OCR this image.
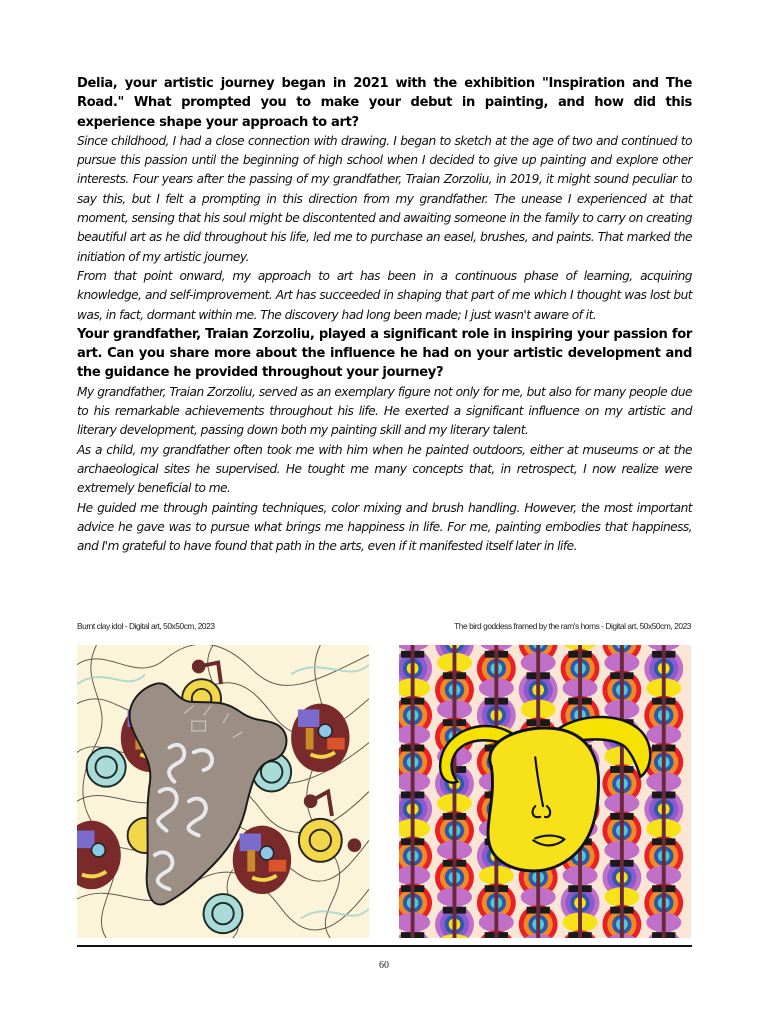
Delia, your artistic journey began in 2021 with the exhibition "Inspiration and The Road." What prompted you to make your debut in painting, and how did this experience shape your approach to art?

Since childhood, I had a close connection with drawing. I began to sketch at the age of two and continued to pursue this passion until the beginning of high school when I decided to give up painting and explore other interests. Four years after the passing of my grandfather, Traian Zorzoliu, in 2019, it might sound peculiar to say this, but I felt a prompting in this direction from my grandfather. The unease I experienced at that moment, sensing that his soul might be discontented and awaiting someone in the family to carry on creating beautiful art as he did throughout his life, led me to purchase an easel, brushes, and paints. That marked the initiation of my artistic journey.

From that point onward, my approach to art has been in a continuous phase of learning, acquiring knowledge, and self-improvement. Art has succeeded in shaping that part of me which I thought was lost but was, in fact, dormant within me. The discovery had long been made; I just wasn't aware of it.

Your grandfather, Traian Zorzoliu, played a significant role in inspiring your passion for art. Can you share more about the influence he had on your artistic development and the guidance he provided throughout your journey?

My grandfather, Traian Zorzoliu, served as an exemplary figure not only for me, but also for many people due to his remarkable achievements throughout his life. He exerted a significant influence on my artistic and literary development, passing down both my painting skill and my literary talent.

As a child, my grandfather often took me with him when he painted outdoors, either at museums or at the archaeological sites he supervised. He tought me many concepts that, in retrospect, I now realize were extremely beneficial to me.

He guided me through painting techniques, color mixing and brush handling. However, the most important advice he gave was to pursue what brings me happiness in life. For me, painting embodies that happiness, and I'm grateful to have found that path in the arts, even if it manifested itself later in life.

Burnt clay idol - Digital art, 50x50cm, 2023	The bird goddess framed by the ram's horns - Digital art, 50x50cm, 2023
60
